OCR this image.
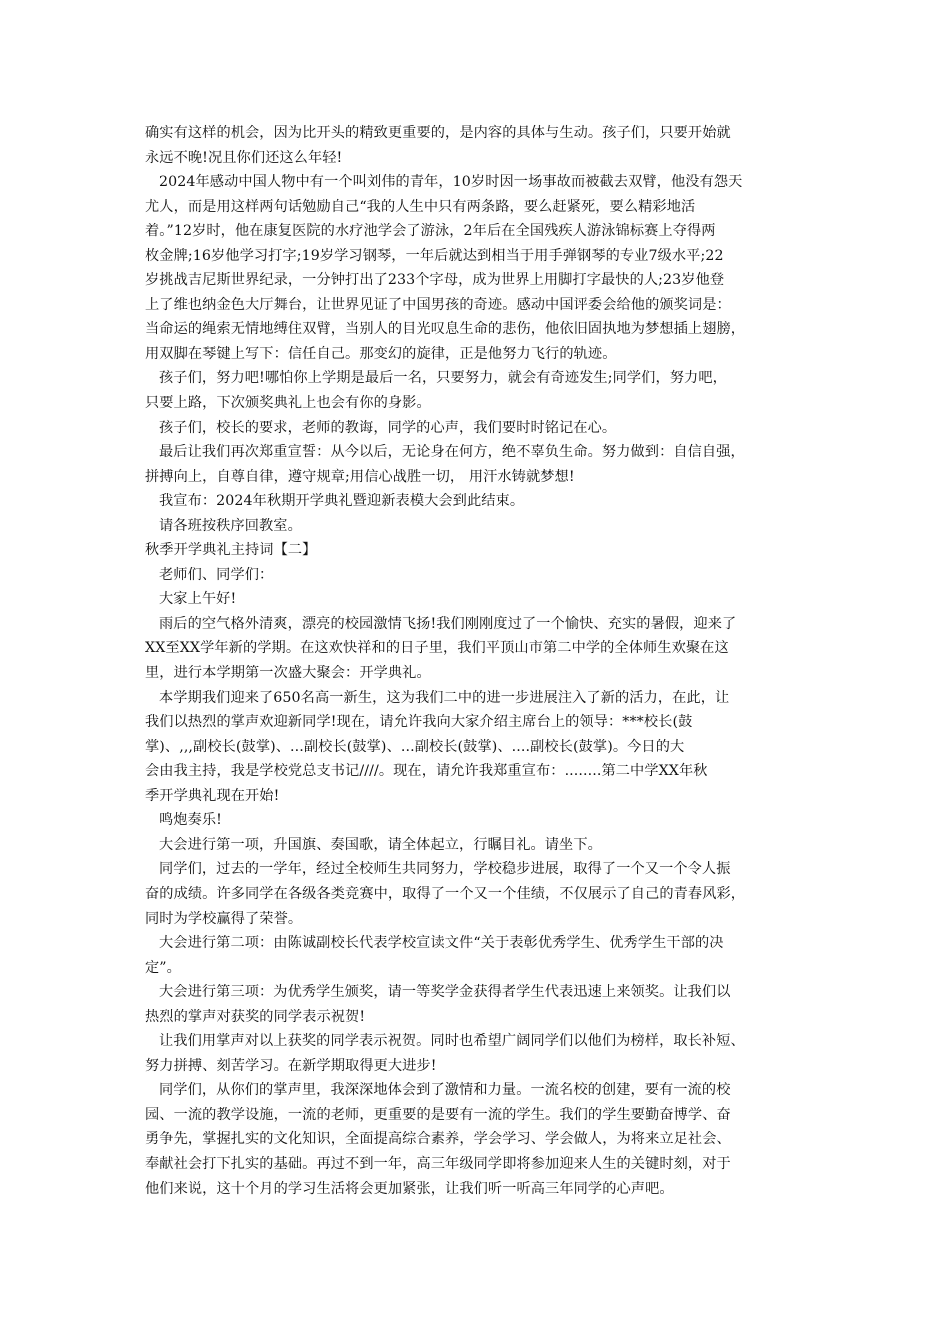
确实有这样的机会，因为比开头的精致更重要的，是内容的具体与生动。孩子们，只要开始就
永远不晚!况且你们还这么年轻!
2024年感动中国人物中有一个叫刘伟的青年，10岁时因一场事故而被截去双臂，他没有怨天
尤人，而是用这样两句话勉励自己“我的人生中只有两条路，要么赶紧死，要么精彩地活
着。”12岁时，他在康复医院的水疗池学会了游泳，2年后在全国残疾人游泳锦标赛上夺得两
枚金牌;16岁他学习打字;19岁学习钢琴，一年后就达到相当于用手弹钢琴的专业7级水平;22
岁挑战吉尼斯世界纪录，一分钟打出了233个字母，成为世界上用脚打字最快的人;23岁他登
上了维也纳金色大厅舞台，让世界见证了中国男孩的奇迹。感动中国评委会给他的颁奖词是：
当命运的绳索无情地缚住双臂，当别人的目光叹息生命的悲伤，他依旧固执地为梦想插上翅膀，
用双脚在琴键上写下：信任自己。那变幻的旋律，正是他努力飞行的轨迹。
孩子们，努力吧!哪怕你上学期是最后一名，只要努力，就会有奇迹发生;同学们，努力吧，
只要上路，下次颁奖典礼上也会有你的身影。
孩子们，校长的要求，老师的教诲，同学的心声，我们要时时铭记在心。
最后让我们再次郑重宣誓：从今以后，无论身在何方，绝不辜负生命。努力做到：自信自强，
拼搏向上，自尊自律，遵守规章;用信心战胜一切， 用汗水铸就梦想!
我宣布：2024年秋期开学典礼暨迎新表模大会到此结束。
请各班按秩序回教室。
秋季开学典礼主持词【二】
老师们、同学们：
大家上午好!
雨后的空气格外清爽，漂亮的校园激情飞扬!我们刚刚度过了一个愉快、充实的暑假，迎来了
XX至XX学年新的学期。在这欢快祥和的日子里，我们平顶山市第二中学的全体师生欢聚在这
里，进行本学期第一次盛大聚会：开学典礼。
本学期我们迎来了650名高一新生，这为我们二中的进一步进展注入了新的活力，在此，让
我们以热烈的掌声欢迎新同学!现在，请允许我向大家介绍主席台上的领导：***校长(鼓
掌)、,,,副校长(鼓掌)、...副校长(鼓掌)、...副校长(鼓掌)、....副校长(鼓掌)。今日的大
会由我主持，我是学校党总支书记////。现在，请允许我郑重宣布：........第二中学XX年秋
季开学典礼现在开始!
鸣炮奏乐!
大会进行第一项，升国旗、奏国歌，请全体起立，行瞩目礼。请坐下。
同学们，过去的一学年，经过全校师生共同努力，学校稳步进展，取得了一个又一个令人振
奋的成绩。许多同学在各级各类竞赛中，取得了一个又一个佳绩，不仅展示了自己的青春风彩，
同时为学校赢得了荣誉。
大会进行第二项：由陈诚副校长代表学校宣读文件“关于表彰优秀学生、优秀学生干部的决
定”。
大会进行第三项：为优秀学生颁奖，请一等奖学金获得者学生代表迅速上来领奖。让我们以
热烈的掌声对获奖的同学表示祝贺!
让我们用掌声对以上获奖的同学表示祝贺。同时也希望广阔同学们以他们为榜样，取长补短、
努力拼搏、刻苦学习。在新学期取得更大进步!
同学们，从你们的掌声里，我深深地体会到了激情和力量。一流名校的创建，要有一流的校
园、一流的教学设施，一流的老师，更重要的是要有一流的学生。我们的学生要勤奋博学、奋
勇争先，掌握扎实的文化知识，全面提高综合素养，学会学习、学会做人，为将来立足社会、
奉献社会打下扎实的基础。再过不到一年，高三年级同学即将参加迎来人生的关键时刻，对于
他们来说，这十个月的学习生活将会更加紧张，让我们听一听高三年同学的心声吧。
